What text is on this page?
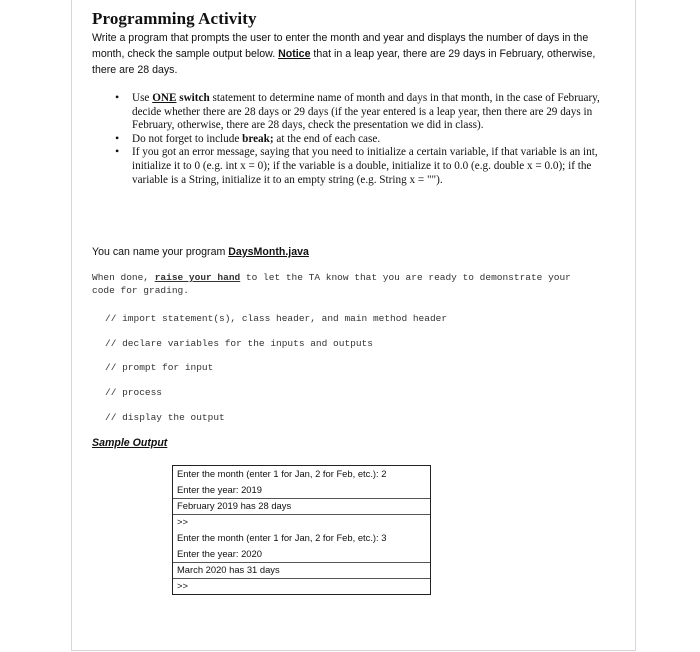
Programming Activity

Write a program that prompts the user to enter the month and year and displays the number of days in the month, check the sample output below. Notice that in a leap year, there are 29 days in February, otherwise, there are 28 days.

• Use ONE switch statement to determine name of month and days in that month, in the case of February, decide whether there are 28 days or 29 days (if the year entered is a leap year, then there are 29 days in February, otherwise, there are 28 days, check the presentation we did in class).
• Do not forget to include break; at the end of each case.
• If you got an error message, saying that you need to initialize a certain variable, if that variable is an int, initialize it to 0 (e.g. int x = 0); if the variable is a double, initialize it to 0.0 (e.g. double x = 0.0); if the variable is a String, initialize it to an empty string (e.g. String x = "").

You can name your program DaysMonth.java

When done, raise your hand to let the TA know that you are ready to demonstrate your code for grading.

// import statement(s), class header, and main method header

// declare variables for the inputs and outputs

// prompt for input

// process

// display the output

Sample Output

Enter the month (enter 1 for Jan, 2 for Feb, etc.): 2
Enter the year: 2019
February 2019 has 28 days
>>
Enter the month (enter 1 for Jan, 2 for Feb, etc.): 3
Enter the year: 2020
March 2020 has 31 days
>>
